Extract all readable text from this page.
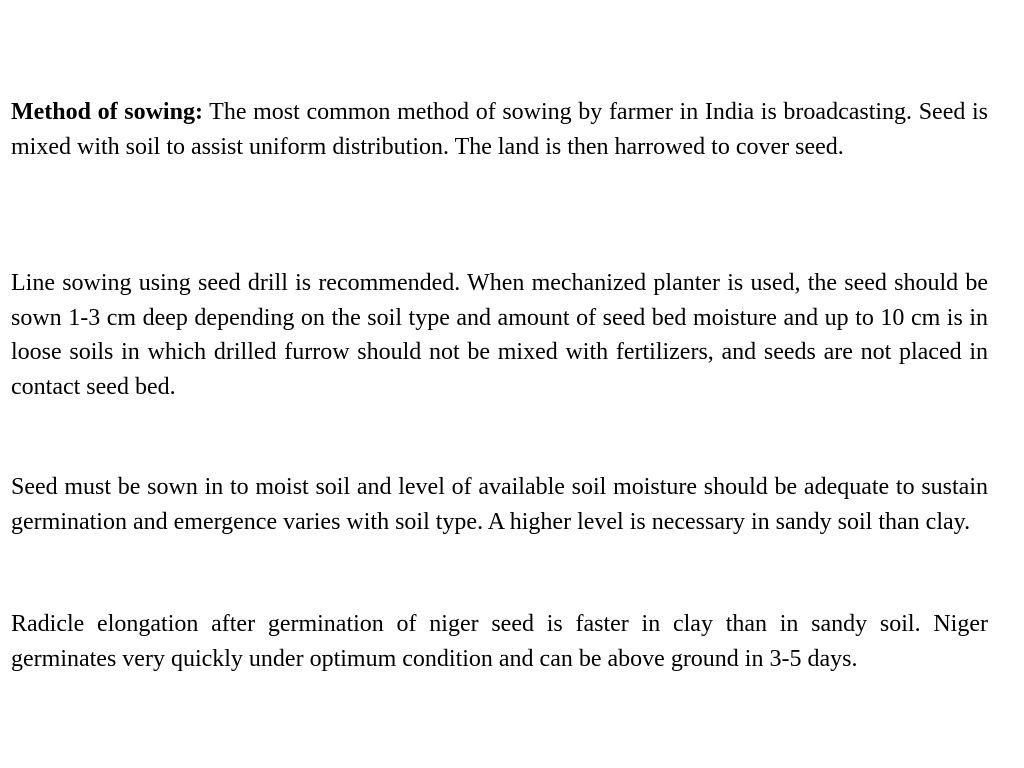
Method of sowing: The most common method of sowing by farmer in India is broadcasting. Seed is mixed with soil to assist uniform distribution. The land is then harrowed to cover seed.

Line sowing using seed drill is recommended. When mechanized planter is used, the seed should be sown 1-3 cm deep depending on the soil type and amount of seed bed moisture and up to 10 cm is in loose soils in which drilled furrow should not be mixed with fertilizers, and seeds are not placed in contact seed bed.

Seed must be sown in to moist soil and level of available soil moisture should be adequate to sustain germination and emergence varies with soil type. A higher level is necessary in sandy soil than clay.

Radicle elongation after germination of niger seed is faster in clay than in sandy soil. Niger germinates very quickly under optimum condition and can be above ground in 3-5 days.
